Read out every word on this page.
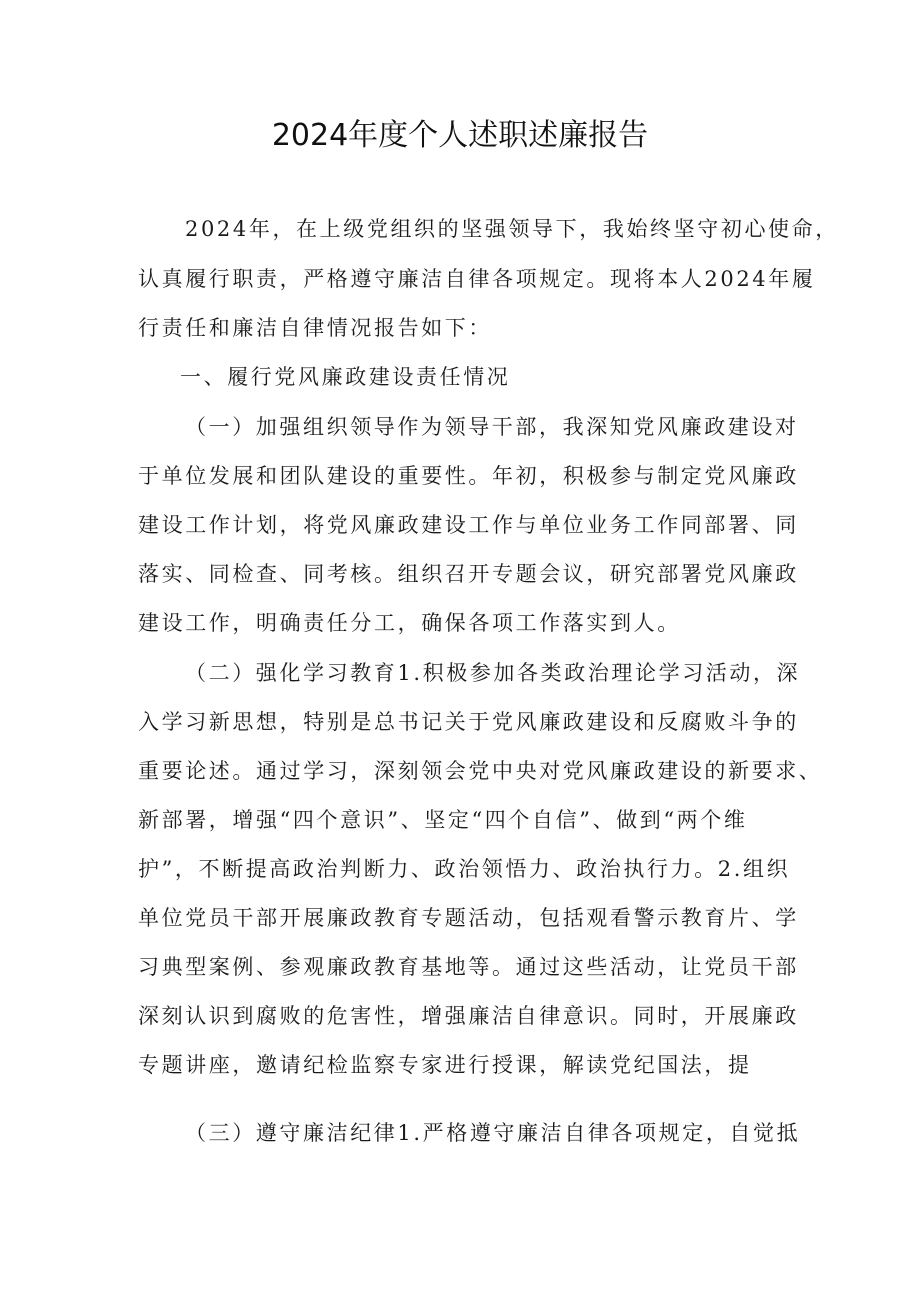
2024年度个人述职述廉报告
2024年，在上级党组织的坚强领导下，我始终坚守初心使命，
认真履行职责，严格遵守廉洁自律各项规定。现将本人2024年履
行责任和廉洁自律情况报告如下：
一、履行党风廉政建设责任情况
（一）加强组织领导作为领导干部，我深知党风廉政建设对
于单位发展和团队建设的重要性。年初，积极参与制定党风廉政
建设工作计划，将党风廉政建设工作与单位业务工作同部署、同
落实、同检查、同考核。组织召开专题会议，研究部署党风廉政
建设工作，明确责任分工，确保各项工作落实到人。
（二）强化学习教育1.积极参加各类政治理论学习活动，深
入学习新思想，特别是总书记关于党风廉政建设和反腐败斗争的
重要论述。通过学习，深刻领会党中央对党风廉政建设的新要求、
新部署，增强“四个意识”、坚定“四个自信”、做到“两个维
护”，不断提高政治判断力、政治领悟力、政治执行力。2.组织
单位党员干部开展廉政教育专题活动，包括观看警示教育片、学
习典型案例、参观廉政教育基地等。通过这些活动，让党员干部
深刻认识到腐败的危害性，增强廉洁自律意识。同时，开展廉政
专题讲座，邀请纪检监察专家进行授课，解读党纪国法，提
（三）遵守廉洁纪律1.严格遵守廉洁自律各项规定，自觉抵
